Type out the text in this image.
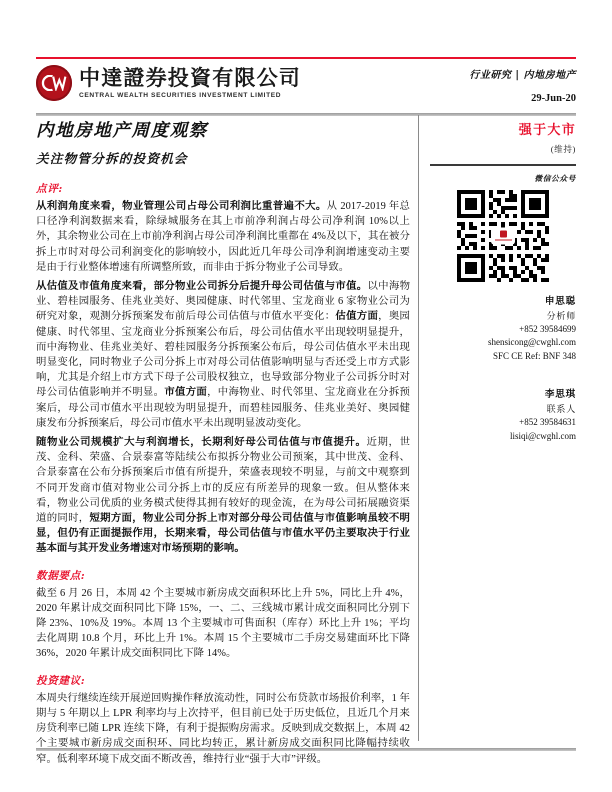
中達證券投資有限公司
CENTRAL WEALTH SECURITIES INVESTMENT LIMITED
行业研究 | 内地房地产
29-Jun-20
内地房地产周度观察
关注物管分拆的投资机会
点评:

从利润角度来看，物业管理公司占母公司利润比重普遍不大。从 2017-2019 年总口径净利润数据来看，除绿城服务在其上市前净利润占母公司净利润 10%以上外，其余物业公司在上市前净利润占母公司净利润比重都在 4%及以下，其在被分拆上市时对母公司利润变化的影响较小，因此近几年母公司净利润增速变动主要是由于行业整体增速有所调整所致，而非由于拆分物业子公司导致。

从估值及市值角度来看，部分物业公司拆分后提升母公司估值与市值。以中海物业、碧桂园服务、佳兆业美好、奥园健康、时代邻里、宝龙商业 6 家物业公司为研究对象，观测分拆预案发布前后母公司估值与市值水平变化：估值方面，奥园健康、时代邻里、宝龙商业分拆预案公布后，母公司估值水平出现较明显提升，而中海物业、佳兆业美好、碧桂园服务分拆预案公布后，母公司估值水平未出现明显变化，同时物业子公司分拆上市对母公司估值影响明显与否还受上市方式影响，尤其是介绍上市方式下母子公司股权独立，也导致部分物业子公司拆分时对母公司估值影响并不明显。市值方面，中海物业、时代邻里、宝龙商业在分拆预案后，母公司市值水平出现较为明显提升，而碧桂园服务、佳兆业美好、奥园健康发布分拆预案后，母公司市值水平未出现明显波动变化。

随物业公司规模扩大与利润增长，长期利好母公司估值与市值提升。近期，世茂、金科、荣盛、合景泰富等陆续公布拟拆分物业公司预案，其中世茂、金科、合景泰富在公布分拆预案后市值有所提升，荣盛表现较不明显，与前文中观察到不同开发商市值对物业公司分拆上市的反应有所差异的现象一致。但从整体来看，物业公司优质的业务模式使得其拥有较好的现金流，在为母公司拓展融资渠道的同时，短期方面，物业公司分拆上市对部分母公司估值与市值影响虽较不明显，但仍有正面提振作用，长期来看，母公司估值与市值水平仍主要取决于行业基本面与其开发业务增速对市场预期的影响。

数据要点:

截至 6 月 26 日，本周 42 个主要城市新房成交面积环比上升 5%，同比上升 4%，2020 年累计成交面积同比下降 15%，一、二、三线城市累计成交面积同比分别下降 23%、10%及 19%。本周 13 个主要城市可售面积（库存）环比上升 1%；平均去化周期 10.8 个月，环比上升 1%。本周 15 个主要城市二手房交易建面环比下降 36%，2020 年累计成交面积同比下降 14%。

投资建议:

本周央行继续连续开展逆回购操作释放流动性，同时公布贷款市场报价利率，1 年期与 5 年期以上 LPR 利率均与上次持平，但目前已处于历史低位，且近几个月来房贷利率已随 LPR 连续下降，有利于提振购房需求。反映到成交数据上，本周 42 个主要城市新房成交面积环、同比均转正，累计新房成交面积同比降幅持续收窄。低利率环境下成交面不断改善，维持行业“强于大市”评级。

强于大市
(维持)
微信公众号
申思聪
分析师
+852 39584699
shensicong@cwghl.com
SFC CE Ref: BNF 348
李思琪
联系人
+852 39584631
lisiqi@cwghl.com
